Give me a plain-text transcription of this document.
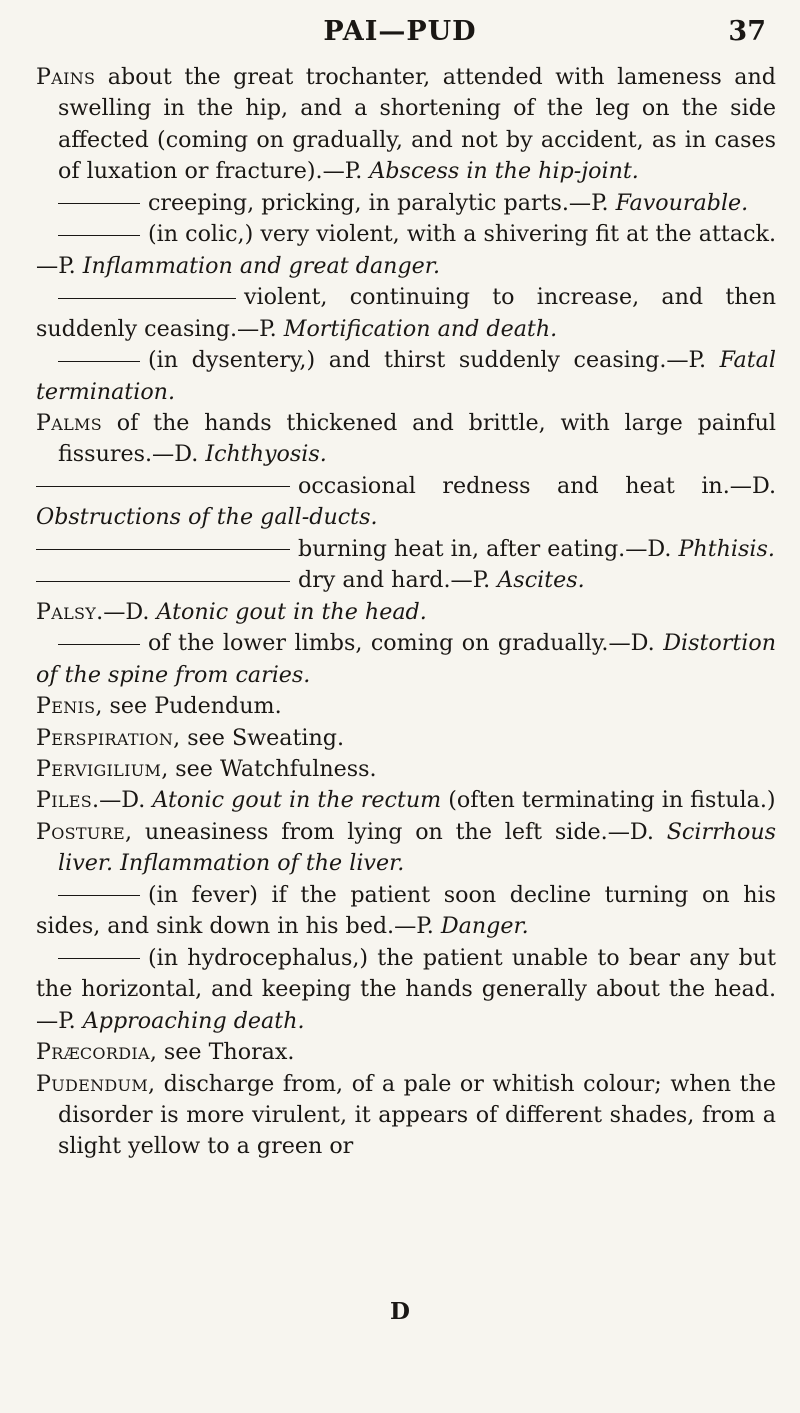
PAI—PUD	37

Pains about the great trochanter, attended with lameness and swelling in the hip, and a shortening of the leg on the side affected (coming on gradually, and not by accident, as in cases of luxation or fracture).—P. Abscess in the hip-joint.

creeping, pricking, in paralytic parts.—P. Favourable.

(in colic,) very violent, with a shivering fit at the attack.—P. Inflammation and great danger.

violent, continuing to increase, and then suddenly ceasing.—P. Mortification and death.

(in dysentery,) and thirst suddenly ceasing.—P. Fatal termination.

Palms of the hands thickened and brittle, with large painful fissures.—D. Ichthyosis.

occasional redness and heat in.—D. Obstructions of the gall-ducts.

burning heat in, after eating.—D. Phthisis.

dry and hard.—P. Ascites.

Palsy.—D. Atonic gout in the head.

of the lower limbs, coming on gradually.—D. Distortion of the spine from caries.

Penis, see Pudendum.

Perspiration, see Sweating.

Pervigilium, see Watchfulness.

Piles.—D. Atonic gout in the rectum (often terminating in fistula.)

Posture, uneasiness from lying on the left side.—D. Scirrhous liver. Inflammation of the liver.

(in fever) if the patient soon decline turning on his sides, and sink down in his bed.—P. Danger.

(in hydrocephalus,) the patient unable to bear any but the horizontal, and keeping the hands generally about the head.—P. Approaching death.

Præcordia, see Thorax.

Pudendum, discharge from, of a pale or whitish colour; when the disorder is more virulent, it appears of different shades, from a slight yellow to a green or

D
